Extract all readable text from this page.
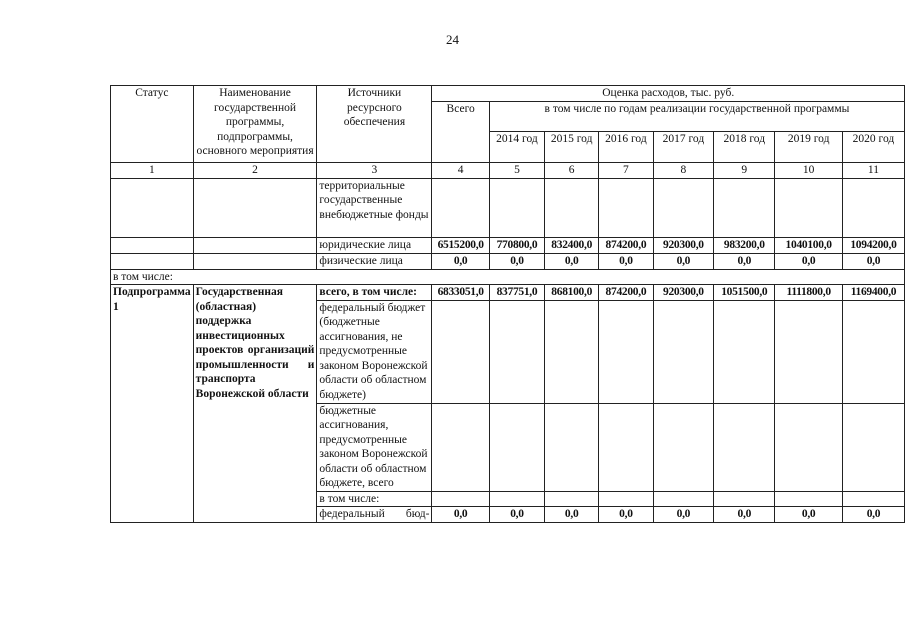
24
Статус	Наименование государственной программы, подпрограммы, основного мероприятия	Источники ресурсного обеспечения	Оценка расходов, тыс. руб.							
			Всего	в том числе по годам реализации государственной программы						
				2014 год	2015 год	2016 год	2017 год	2018 год	2019 год	2020 год
1	2	3	4	5	6	7	8	9	10	11
		территориальные государственные внебюджетные фонды								
		юридические лица	6515200,0	770800,0	832400,0	874200,0	920300,0	983200,0	1040100,0	1094200,0
		физические лица	0,0	0,0	0,0	0,0	0,0	0,0	0,0	0,0
в том числе:										
Подпрограмма 1	Государственная (областная) поддержка инвестиционных проектов организаций промышленности и транспорта Воронежской области	всего, в том числе:	6833051,0	837751,0	868100,0	874200,0	920300,0	1051500,0	1111800,0	1169400,0
		федеральный бюджет (бюджетные ассигнования, не предусмотренные законом Воронежской области об областном бюджете)								
		бюджетные ассигнования, предусмотренные законом Воронежской области об областном бюджете, всего								
		в том числе:								
		федеральный бюд-	0,0	0,0	0,0	0,0	0,0	0,0	0,0	0,0
